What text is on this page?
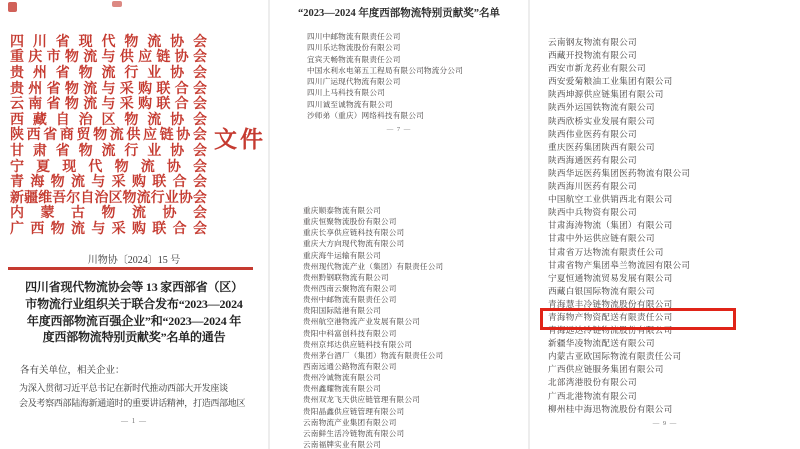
四 川 省 现 代 物 流 协 会
重 庆 市 物 流 与 供 应 链 协 会
贵 州 省 物 流 行 业 协 会
贵 州 省 物 流 与 采 购 联 合 会
云 南 省 物 流 与 采 购 联 合 会
西 藏 自 治 区 物 流 协 会
陕 西 省 商 贸 物 流 供 应 链 协 会
甘 肃 省 物 流 行 业 协 会
宁 夏 现 代 物 流 协 会
青 海 物 流 与 采 购 联 合 会
新 疆 维 吾 尔 自 治 区 物 流 行 业 协 会
内 蒙 古 物 流 协 会
广 西 物 流 与 采 购 联 合 会
文件
川物协〔2024〕15 号
四川省现代物流协会等 13 家西部省（区）
市物流行业组织关于联合发布“2023—2024
年度西部物流百强企业”和“2023—2024 年
度西部物流特别贡献奖”名单的通告
各有关单位，相关企业：
为深入贯彻习近平总书记在新时代推动西部大开发座谈
会及考察西部陆海新通道时的重要讲话精神，打造西部地区
— 1 —
“2023—2024 年度西部物流特别贡献奖”名单
四川中邮物流有限责任公司
四川乐达物流股份有限公司
宜宾天畅物流有限责任公司
中国水利水电第五工程局有限公司物流分公司
四川广运现代物流有限公司
四川上马科技有限公司
四川诚至诚物流有限公司
沙师弟（重庆）网络科技有限公司
— 7 —
重庆顺泰物流有限公司
重庆恒聚物流股份有限公司
重庆长享供应链科技有限公司
重庆大方向现代物流有限公司
重庆海牛运输有限公司
贵州现代物流产业（集团）有限责任公司
贵州黔钢联物流有限公司
贵州西南云聚物流有限公司
贵州中邮物流有限责任公司
贵阳国际陆港有限公司
贵州航空港物流产业发展有限公司
贵阳中科富创科技有限公司
贵州京邦达供应链科技有限公司
贵州茅台酒厂（集团）物流有限责任公司
西南远通公路物流有限公司
贵州冷诚物流有限公司
贵州鑫耀物流有限公司
贵州双龙飞天供应链管理有限公司
贵阳晶鑫供应链管理有限公司
云南物流产业集团有限公司
云南鲜生活冷链物流有限公司
云南福牌实业有限公司
云南钢友物流有限公司
西藏开投物流有限公司
西安市新龙药业有限公司
西安爱菊粮油工业集团有限公司
陕西坤源供应链集团有限公司
陕西外运国铁物流有限公司
陕西欣桥实业发展有限公司
陕西伟业医药有限公司
重庆医药集团陕西有限公司
陕西海通医药有限公司
陕西华远医药集团医药物流有限公司
陕西海川医药有限公司
中国航空工业供销西北有限公司
陕西中兵物资有限公司
甘肃海涛物流（集团）有限公司
甘肃中外运供应链有限公司
甘肃省万达物流有限责任公司
甘肃省物产集团皋兰物流园有限公司
宁夏恒通物流贸易发展有限公司
西藏白银国际物流有限公司
青海慧丰冷链物流股份有限公司
青海物产物资配送有限责任公司
青海远达冷链物流股份有限公司
新疆华凌物流配送有限公司
内蒙古亚欧国际物流有限责任公司
广西供应链服务集团有限公司
北部湾港股份有限公司
广西北港物流有限公司
柳州桂中海迅物流股份有限公司
— 9 —
